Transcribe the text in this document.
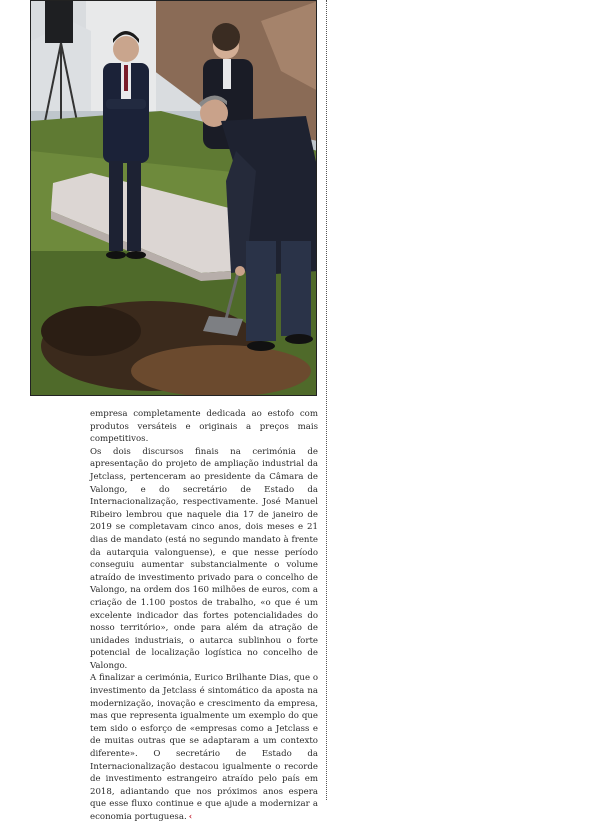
empresa completamente dedicada ao estofo com produtos versáteis e originais a preços mais competitivos.

Os dois discursos finais na cerimónia de apresentação do projeto de ampliação industrial da Jetclass, pertenceram ao presidente da Câmara de Valongo, e do secretário de Estado da Internacionalização, respectivamente. José Manuel Ribeiro lembrou que naquele dia 17 de janeiro de 2019 se completavam cinco anos, dois meses e 21 dias de mandato (está no segundo mandato à frente da autarquia valonguense), e que nesse período conseguiu aumentar substancialmente o volume atraído de investimento privado para o concelho de Valongo, na ordem dos 160 milhões de euros, com a criação de 1.100 postos de trabalho, «o que é um excelente indicador das fortes potencialidades do nosso território», onde para além da atração de unidades industriais, o autarca sublinhou o forte potencial de localização logística no concelho de Valongo.

A finalizar a cerimónia, Eurico Brilhante Dias, que o investimento da Jetclass é sintomático da aposta na modernização, inovação e crescimento da empresa, mas que representa igualmente um exemplo do que tem sido o esforço de «empresas como a Jetclass e de muitas outras que se adaptaram a um contexto diferente». O secretário de Estado da Internacionalização destacou igualmente o recorde de investimento estrangeiro atraído pelo país em 2018, adiantando que nos próximos anos espera que esse fluxo continue e que ajude a modernizar a economia portuguesa. ‹
